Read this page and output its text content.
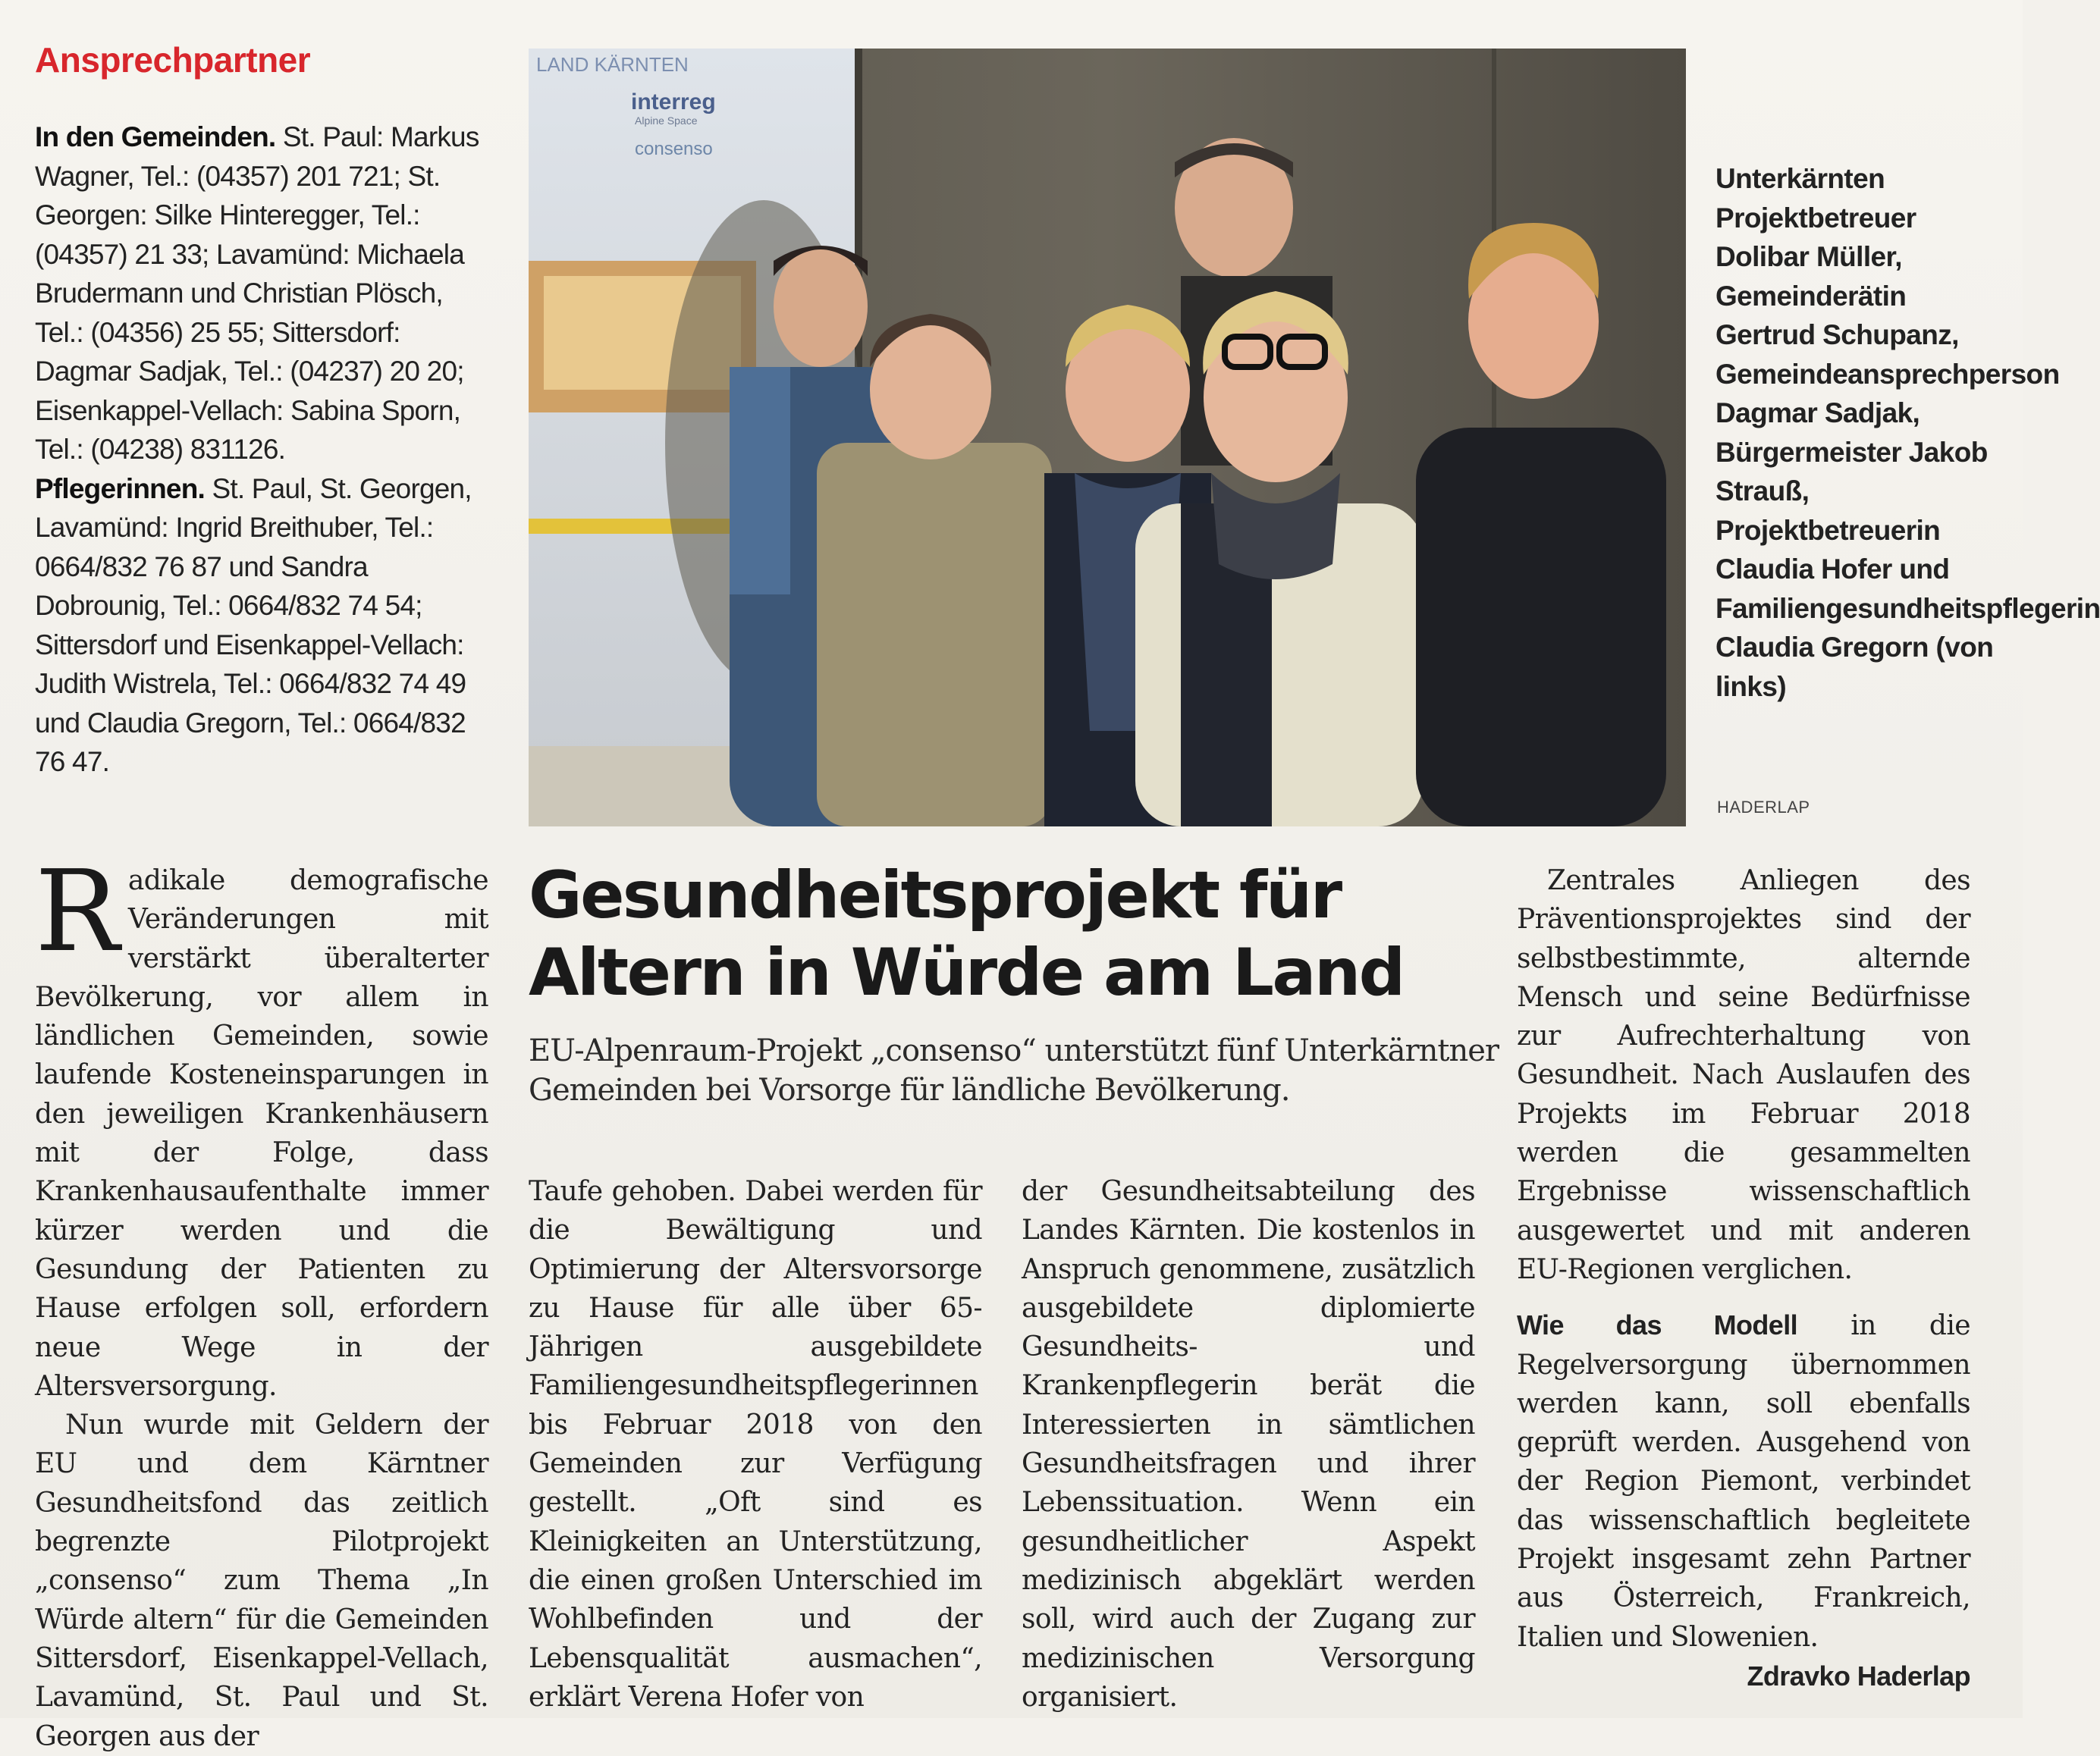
Ansprechpartner

In den Gemeinden. St. Paul: Markus Wagner, Tel.: (04357) 201 721; St. Georgen: Silke Hinteregger, Tel.: (04357) 21 33; Lavamünd: Michaela Brudermann und Christian Plösch, Tel.: (04356) 25 55; Sittersdorf: Dagmar Sadjak, Tel.: (04237) 20 20; Eisenkappel-Vellach: Sabina Sporn, Tel.: (04238) 831126.

Pflegerinnen. St. Paul, St. Georgen, Lavamünd: Ingrid Breithuber, Tel.: 0664/832 76 87 und Sandra Dobrounig, Tel.: 0664/832 74 54; Sittersdorf und Eisenkappel-Vellach: Judith Wistrela, Tel.: 0664/832 74 49 und Claudia Gregorn, Tel.: 0664/832 76 47.

LAND KÄRNTEN
interreg
Alpine Space
consenso

Unterkärnten Projektbetreuer Dolibar Müller, Gemeinderätin Gertrud Schupanz, Gemeindeansprechperson Dagmar Sadjak, Bürgermeister Jakob Strauß, Projektbetreuerin Claudia Hofer und Familiengesundheitspflegerin Claudia Gregorn (von links)

HADERLAP
Gesundheitsprojekt für Altern in Würde am Land

EU-Alpenraum-Projekt „consenso“ unterstützt fünf Unterkärntner Gemeinden bei Vorsorge für ländliche Bevölkerung.

Radikale demografische Veränderungen mit verstärkt überalterter Bevölkerung, vor allem in ländlichen Gemeinden, sowie laufende Kosteneinsparungen in den jeweiligen Krankenhäusern mit der Folge, dass Krankenhausaufenthalte immer kürzer werden und die Gesundung der Patienten zu Hause erfolgen soll, erfordern neue Wege in der Altersversorgung.

Nun wurde mit Geldern der EU und dem Kärntner Gesundheitsfond das zeitlich begrenzte Pilotprojekt „consenso“ zum Thema „In Würde altern“ für die Gemeinden Sittersdorf, Eisenkappel-Vellach, Lavamünd, St. Paul und St. Georgen aus der

Taufe gehoben. Dabei werden für die Bewältigung und Optimierung der Altersvorsorge zu Hause für alle über 65-Jährigen ausgebildete Familiengesundheitspflegerinnen bis Februar 2018 von den Gemeinden zur Verfügung gestellt. „Oft sind es Kleinigkeiten an Unterstützung, die einen großen Unterschied im Wohlbefinden und der Lebensqualität ausmachen“, erklärt Verena Hofer von

der Gesundheitsabteilung des Landes Kärnten. Die kostenlos in Anspruch genommene, zusätzlich ausgebildete diplomierte Gesundheits- und Krankenpflegerin berät die Interessierten in sämtlichen Gesundheitsfragen und ihrer Lebenssituation. Wenn ein gesundheitlicher Aspekt medizinisch abgeklärt werden soll, wird auch der Zugang zur medizinischen Versorgung organisiert.

Zentrales Anliegen des Präventionsprojektes sind der selbstbestimmte, alternde Mensch und seine Bedürfnisse zur Aufrechterhaltung von Gesundheit. Nach Auslaufen des Projekts im Februar 2018 werden die gesammelten Ergebnisse wissenschaftlich ausgewertet und mit anderen EU-Regionen verglichen.

Wie das Modell in die Regelversorgung übernommen werden kann, soll ebenfalls geprüft werden. Ausgehend von der Region Piemont, verbindet das wissenschaftlich begleitete Projekt insgesamt zehn Partner aus Österreich, Frankreich, Italien und Slowenien.
Zdravko Haderlap
